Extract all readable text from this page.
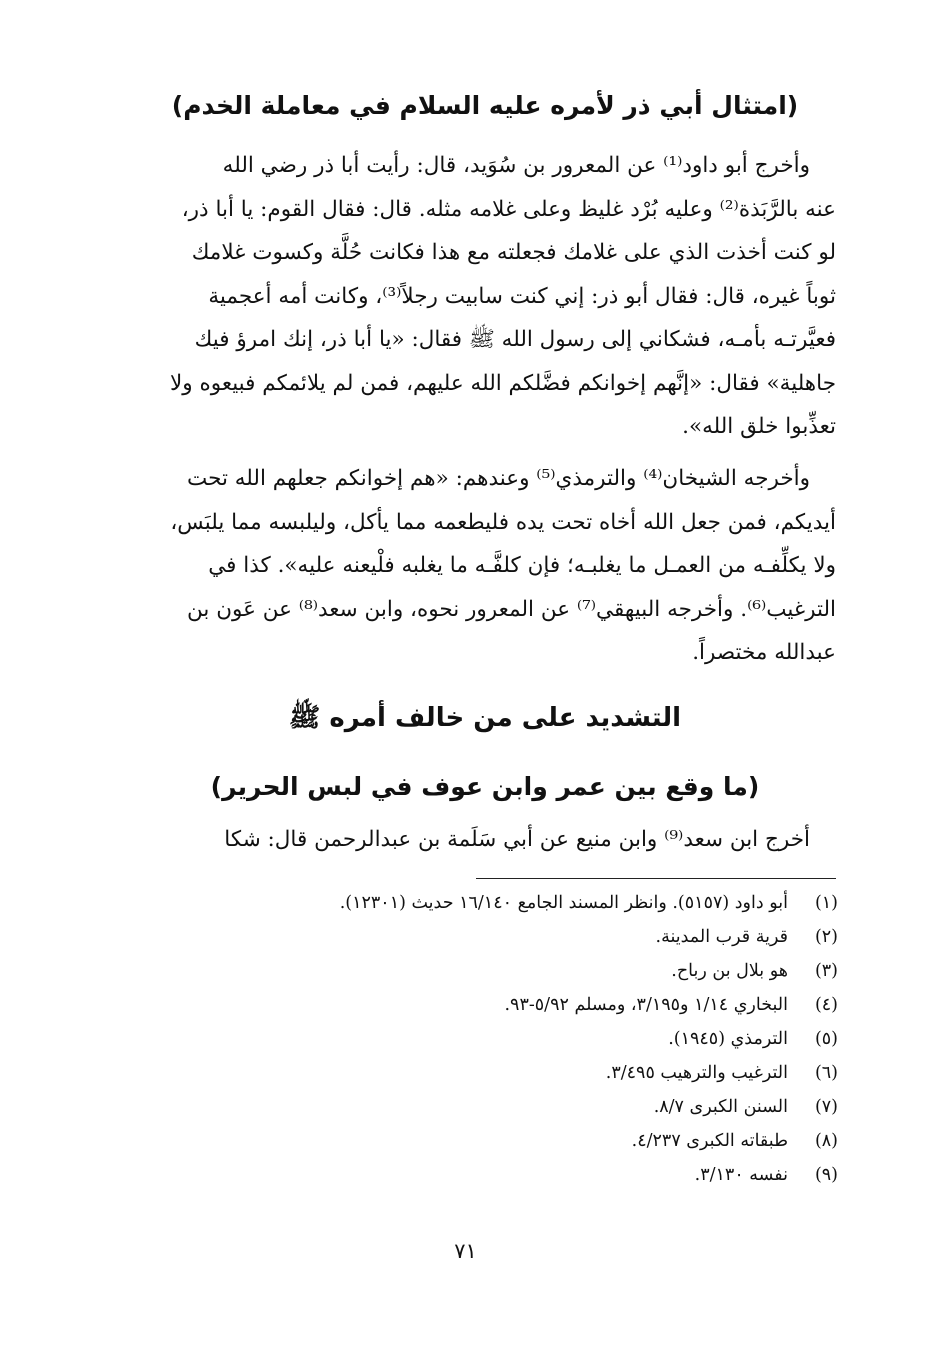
(امتثال أبي ذر لأمره عليه السلام في معاملة الخدم)

وأخرج أبو داود⁽¹⁾ عن المعرور بن سُوَيد، قال: رأيت أبا ذر رضي الله
عنه بالرَّبَذة⁽²⁾ وعليه بُرْد غليظ وعلى غلامه مثله. قال: فقال القوم: يا أبا ذر،
لو كنت أخذت الذي على غلامك فجعلته مع هذا فكانت حُلَّة وكسوت غلامك
ثوباً غيره، قال: فقال أبو ذر: إني كنت سابيت رجلاً⁽³⁾، وكانت أمه أعجمية
فعيَّرتـه بأمـه، فشكاني إلى رسول الله ﷺ فقال: «يا أبا ذر، إنك امرؤ فيك
جاهلية» فقال: «إنَّهم إخوانكم فضَّلكم الله عليهم، فمن لم يلائمكم فبيعوه ولا
تعذِّبوا خلق الله».

وأخرجه الشيخان⁽⁴⁾ والترمذي⁽⁵⁾ وعندهم: «هم إخوانكم جعلهم الله تحت
أيديكم، فمن جعل الله أخاه تحت يده فليطعمه مما يأكل، وليلبسه مما يلبَس،
ولا يكلِّفـه من العمـل ما يغلبـه؛ فإن كلفَّـه ما يغلبه فلْيعنه عليه». كذا في
الترغيب⁽⁶⁾. وأخرجه البيهقي⁽⁷⁾ عن المعرور نحوه، وابن سعد⁽⁸⁾ عن عَون بن
عبدالله مختصراً.

التشديد على من خالف أمره ﷺ
(ما وقع بين عمر وابن عوف في لبس الحرير)

أخرج ابن سعد⁽⁹⁾ وابن منيع عن أبي سَلَمة بن عبدالرحمن قال: شكا

(١)
أبو داود (٥١٥٧). وانظر المسند الجامع ١٦/١٤٠ حديث (١٢٣٠١).
(٢)
قرية قرب المدينة.
(٣)
هو بلال بن رباح.
(٤)
البخاري ١/١٤ و٣/١٩٥، ومسلم ٥/٩٢-٩٣.
(٥)
الترمذي (١٩٤٥).
(٦)
الترغيب والترهيب ٣/٤٩٥.
(٧)
السنن الكبرى ٨/٧.
(٨)
طبقاته الكبرى ٤/٢٣٧.
(٩)
نفسه ٣/١٣٠.
٧١
